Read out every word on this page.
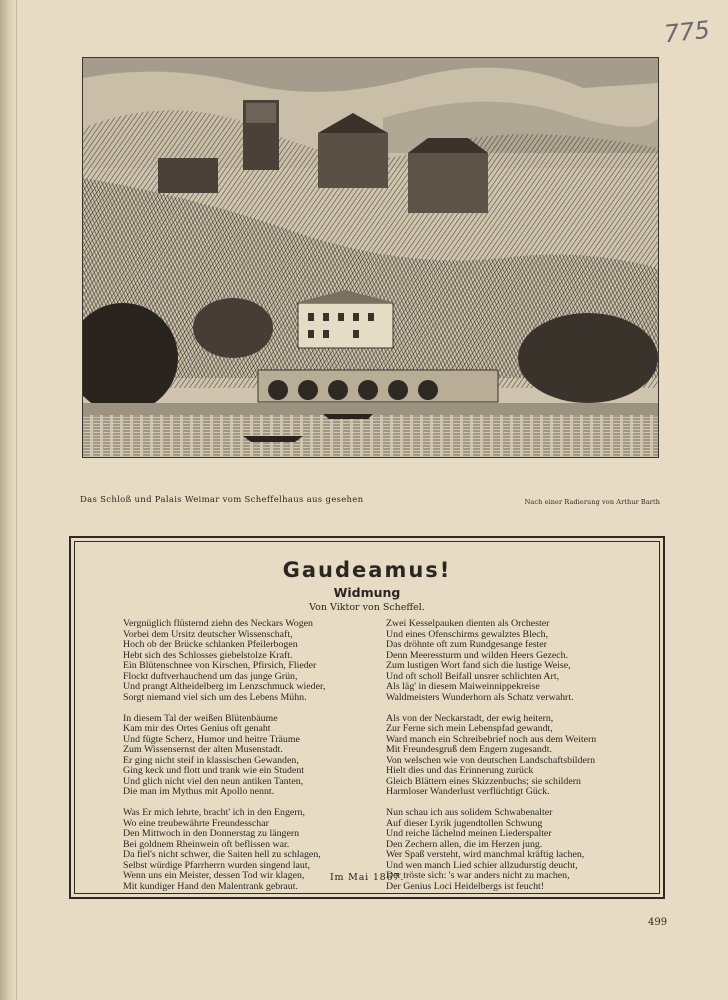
775
Das Schloß und Palais Weimar vom Scheffelhaus aus gesehen	Nach einer Radierung von Arthur Barth
Gaudeamus!
Widmung
Von Viktor von Scheffel.
Vergnüglich flüsternd ziehn des Neckars Wogen
Vorbei dem Ursitz deutscher Wissenschaft,
Hoch ob der Brücke schlanken Pfeilerbogen
Hebt sich des Schlosses giebelstolze Kraft.
Ein Blütenschnee von Kirschen, Pfirsich, Flieder
Flockt duftverhauchend um das junge Grün,
Und prangt Altheidelberg im Lenzschmuck wieder,
Sorgt niemand viel sich um des Lebens Mühn.
In diesem Tal der weißen Blütenbäume
Kam mir des Ortes Genius oft genaht
Und fügte Scherz, Humor und heitre Träume
Zum Wissensernst der alten Musenstadt.
Er ging nicht steif in klassischen Gewanden,
Ging keck und flott und trank wie ein Student
Und glich nicht viel den neun antiken Tanten,
Die man im Mythus mit Apollo nennt.
Was Er mich lehrte, bracht' ich in den Engern,
Wo eine treubewährte Freundesschar
Den Mittwoch in den Donnerstag zu längern
Bei goldnem Rheinwein oft beflissen war.
Da fiel's nicht schwer, die Saiten hell zu schlagen,
Selbst würdige Pfarrherrn wurden singend laut,
Wenn uns ein Meister, dessen Tod wir klagen,
Mit kundiger Hand den Malentrank gebraut.
Zwei Kesselpauken dienten als Orchester
Und eines Ofenschirms gewalztes Blech,
Das dröhnte oft zum Rundgesange fester
Denn Meeressturm und wilden Heers Gezech.
Zum lustigen Wort fand sich die lustige Weise,
Und oft scholl Beifall unsrer schlichten Art,
Als läg' in diesem Maiweinnippekreise
Waldmeisters Wunderhorn als Schatz verwahrt.
Als von der Neckarstadt, der ewig heitern,
Zur Ferne sich mein Lebenspfad gewandt,
Ward manch ein Schreibebrief noch aus dem Weitern
Mit Freundesgruß dem Engern zugesandt.
Von welschen wie von deutschen Landschaftsbildern
Hielt dies und das Erinnerung zurück
Gleich Blättern eines Skizzenbuchs; sie schildern
Harmloser Wanderlust verflüchtigt Gück.
Nun schau ich aus solidem Schwabenalter
Auf dieser Lyrik jugendtollen Schwung
Und reiche lächelnd meinen Liederspalter
Den Zechern allen, die im Herzen jung.
Wer Spaß versteht, wird manchmal kräftig lachen,
Und wen manch Lied schier allzudurstig deucht,
Der tröste sich: 's war anders nicht zu machen,
Der Genius Loci Heidelbergs ist feucht!
Im Mai 1867.
499
